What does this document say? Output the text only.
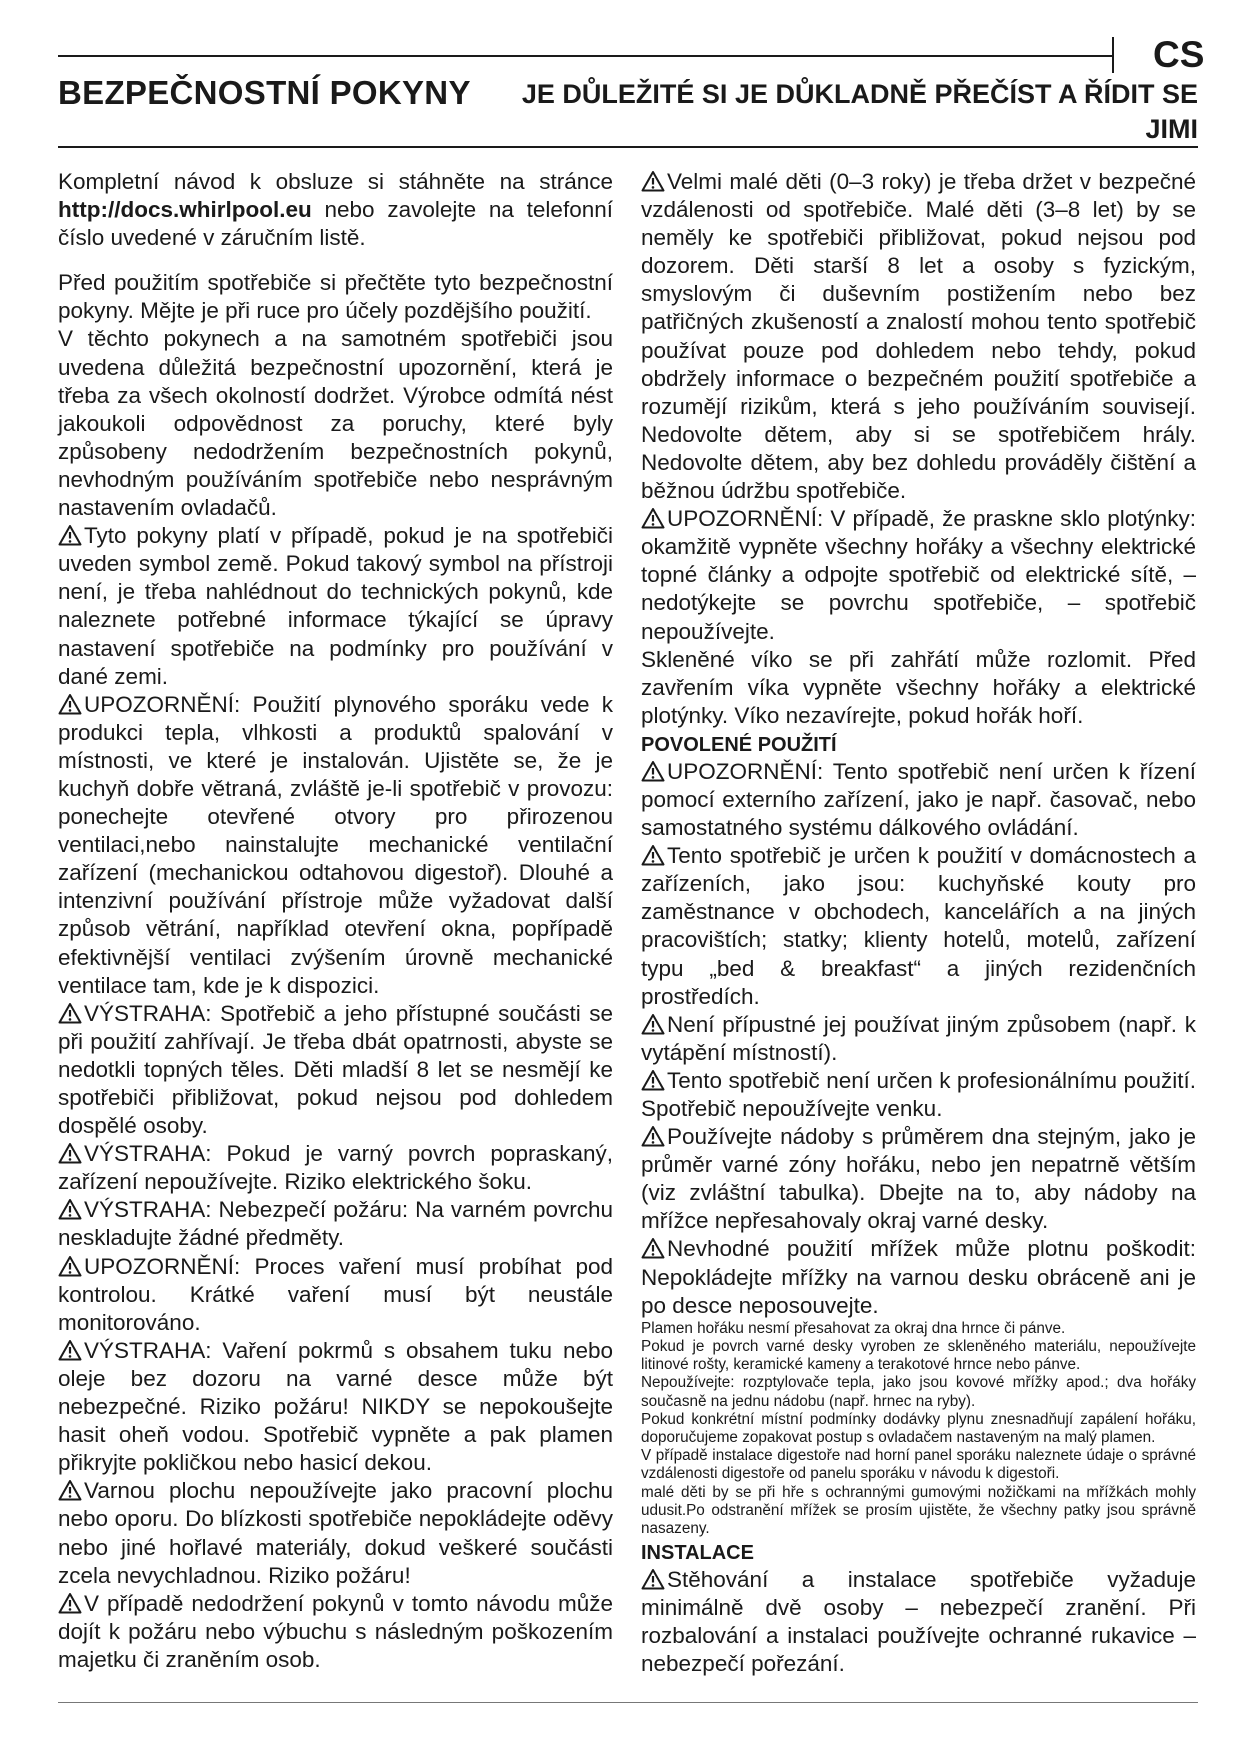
CS
BEZPEČNOSTNÍ POKYNY	JE DŮLEŽITÉ SI JE DŮKLADNĚ PŘEČÍST A ŘÍDIT SE JIMI

Kompletní návod k obsluze si stáhněte na stránce http://docs.whirlpool.eu nebo zavolejte na telefonní číslo uvedené v záručním listě.

Před použitím spotřebiče si přečtěte tyto bezpečnostní pokyny. Mějte je při ruce pro účely pozdějšího použití.

V těchto pokynech a na samotném spotřebiči jsou uvedena důležitá bezpečnostní upozornění, která je třeba za všech okolností dodržet. Výrobce odmítá nést jakoukoli odpovědnost za poruchy, které byly způsobeny nedodržením bezpečnostních pokynů, nevhodným používáním spotřebiče nebo nesprávným nastavením ovladačů.

Tyto pokyny platí v případě, pokud je na spotřebiči uveden symbol země. Pokud takový symbol na přístroji není, je třeba nahlédnout do technických pokynů, kde naleznete potřebné informace týkající se úpravy nastavení spotřebiče na podmínky pro používání v dané zemi.

UPOZORNĚNÍ: Použití plynového sporáku vede k produkci tepla, vlhkosti a produktů spalování v místnosti, ve které je instalován. Ujistěte se, že je kuchyň dobře větraná, zvláště je-li spotřebič v provozu: ponechejte otevřené otvory pro přirozenou ventilaci,nebo nainstalujte mechanické ventilační zařízení (mechanickou odtahovou digestoř). Dlouhé a intenzivní používání přístroje může vyžadovat další způsob větrání, například otevření okna, popřípadě efektivnější ventilaci zvýšením úrovně mechanické ventilace tam, kde je k dispozici.

VÝSTRAHA: Spotřebič a jeho přístupné součásti se při použití zahřívají. Je třeba dbát opatrnosti, abyste se nedotkli topných těles. Děti mladší 8 let se nesmějí ke spotřebiči přibližovat, pokud nejsou pod dohledem dospělé osoby.

VÝSTRAHA: Pokud je varný povrch popraskaný, zařízení nepoužívejte. Riziko elektrického šoku.

VÝSTRAHA: Nebezpečí požáru: Na varném povrchu neskladujte žádné předměty.

UPOZORNĚNÍ: Proces vaření musí probíhat pod kontrolou. Krátké vaření musí být neustále monitorováno.

VÝSTRAHA: Vaření pokrmů s obsahem tuku nebo oleje bez dozoru na varné desce může být nebezpečné. Riziko požáru! NIKDY se nepokoušejte hasit oheň vodou. Spotřebič vypněte a pak plamen přikryjte pokličkou nebo hasicí dekou.

Varnou plochu nepoužívejte jako pracovní plochu nebo oporu. Do blízkosti spotřebiče nepokládejte oděvy nebo jiné hořlavé materiály, dokud veškeré součásti zcela nevychladnou. Riziko požáru!

V případě nedodržení pokynů v tomto návodu může dojít k požáru nebo výbuchu s následným poškozením majetku či zraněním osob.

Velmi malé děti (0–3 roky) je třeba držet v bezpečné vzdálenosti od spotřebiče. Malé děti (3–8 let) by se neměly ke spotřebiči přibližovat, pokud nejsou pod dozorem. Děti starší 8 let a osoby s fyzickým, smyslovým či duševním postižením nebo bez patřičných zkušeností a znalostí mohou tento spotřebič používat pouze pod dohledem nebo tehdy, pokud obdržely informace o bezpečném použití spotřebiče a rozumějí rizikům, která s jeho používáním souvisejí. Nedovolte dětem, aby si se spotřebičem hrály. Nedovolte dětem, aby bez dohledu prováděly čištění a běžnou údržbu spotřebiče.

UPOZORNĚNÍ: V případě, že praskne sklo plotýnky: okamžitě vypněte všechny hořáky a všechny elektrické topné články a odpojte spotřebič od elektrické sítě, – nedotýkejte se povrchu spotřebiče, – spotřebič nepoužívejte.

Skleněné víko se při zahřátí může rozlomit. Před zavřením víka vypněte všechny hořáky a elektrické plotýnky. Víko nezavírejte, pokud hořák hoří.

POVOLENÉ POUŽITÍ

UPOZORNĚNÍ: Tento spotřebič není určen k řízení pomocí externího zařízení, jako je např. časovač, nebo samostatného systému dálkového ovládání.

Tento spotřebič je určen k použití v domácnostech a zařízeních, jako jsou: kuchyňské kouty pro zaměstnance v obchodech, kancelářích a na jiných pracovištích; statky; klienty hotelů, motelů, zařízení typu „bed & breakfast“ a jiných rezidenčních prostředích.

Není přípustné jej používat jiným způsobem (např. k vytápění místností).

Tento spotřebič není určen k profesionálnímu použití. Spotřebič nepoužívejte venku.

Používejte nádoby s průměrem dna stejným, jako je průměr varné zóny hořáku, nebo jen nepatrně větším (viz zvláštní tabulka). Dbejte na to, aby nádoby na mřížce nepřesahovaly okraj varné desky.

Nevhodné použití mřížek může plotnu poškodit: Nepokládejte mřížky na varnou desku obráceně ani je po desce neposouvejte.

Plamen hořáku nesmí přesahovat za okraj dna hrnce či pánve.

Pokud je povrch varné desky vyroben ze skleněného materiálu, nepoužívejte litinové rošty, keramické kameny a terakotové hrnce nebo pánve.

Nepoužívejte: rozptylovače tepla, jako jsou kovové mřížky apod.; dva hořáky současně na jednu nádobu (např. hrnec na ryby).

Pokud konkrétní místní podmínky dodávky plynu znesnadňují zapálení hořáku, doporučujeme zopakovat postup s ovladačem nastaveným na malý plamen.

V případě instalace digestoře nad horní panel sporáku naleznete údaje o správné vzdálenosti digestoře od panelu sporáku v návodu k digestoři.

malé děti by se při hře s ochrannými gumovými nožičkami na mřížkách mohly udusit.Po odstranění mřížek se prosím ujistěte, že všechny patky jsou správně nasazeny.

INSTALACE

Stěhování a instalace spotřebiče vyžaduje minimálně dvě osoby – nebezpečí zranění. Při rozbalování a instalaci používejte ochranné rukavice – nebezpečí pořezání.
